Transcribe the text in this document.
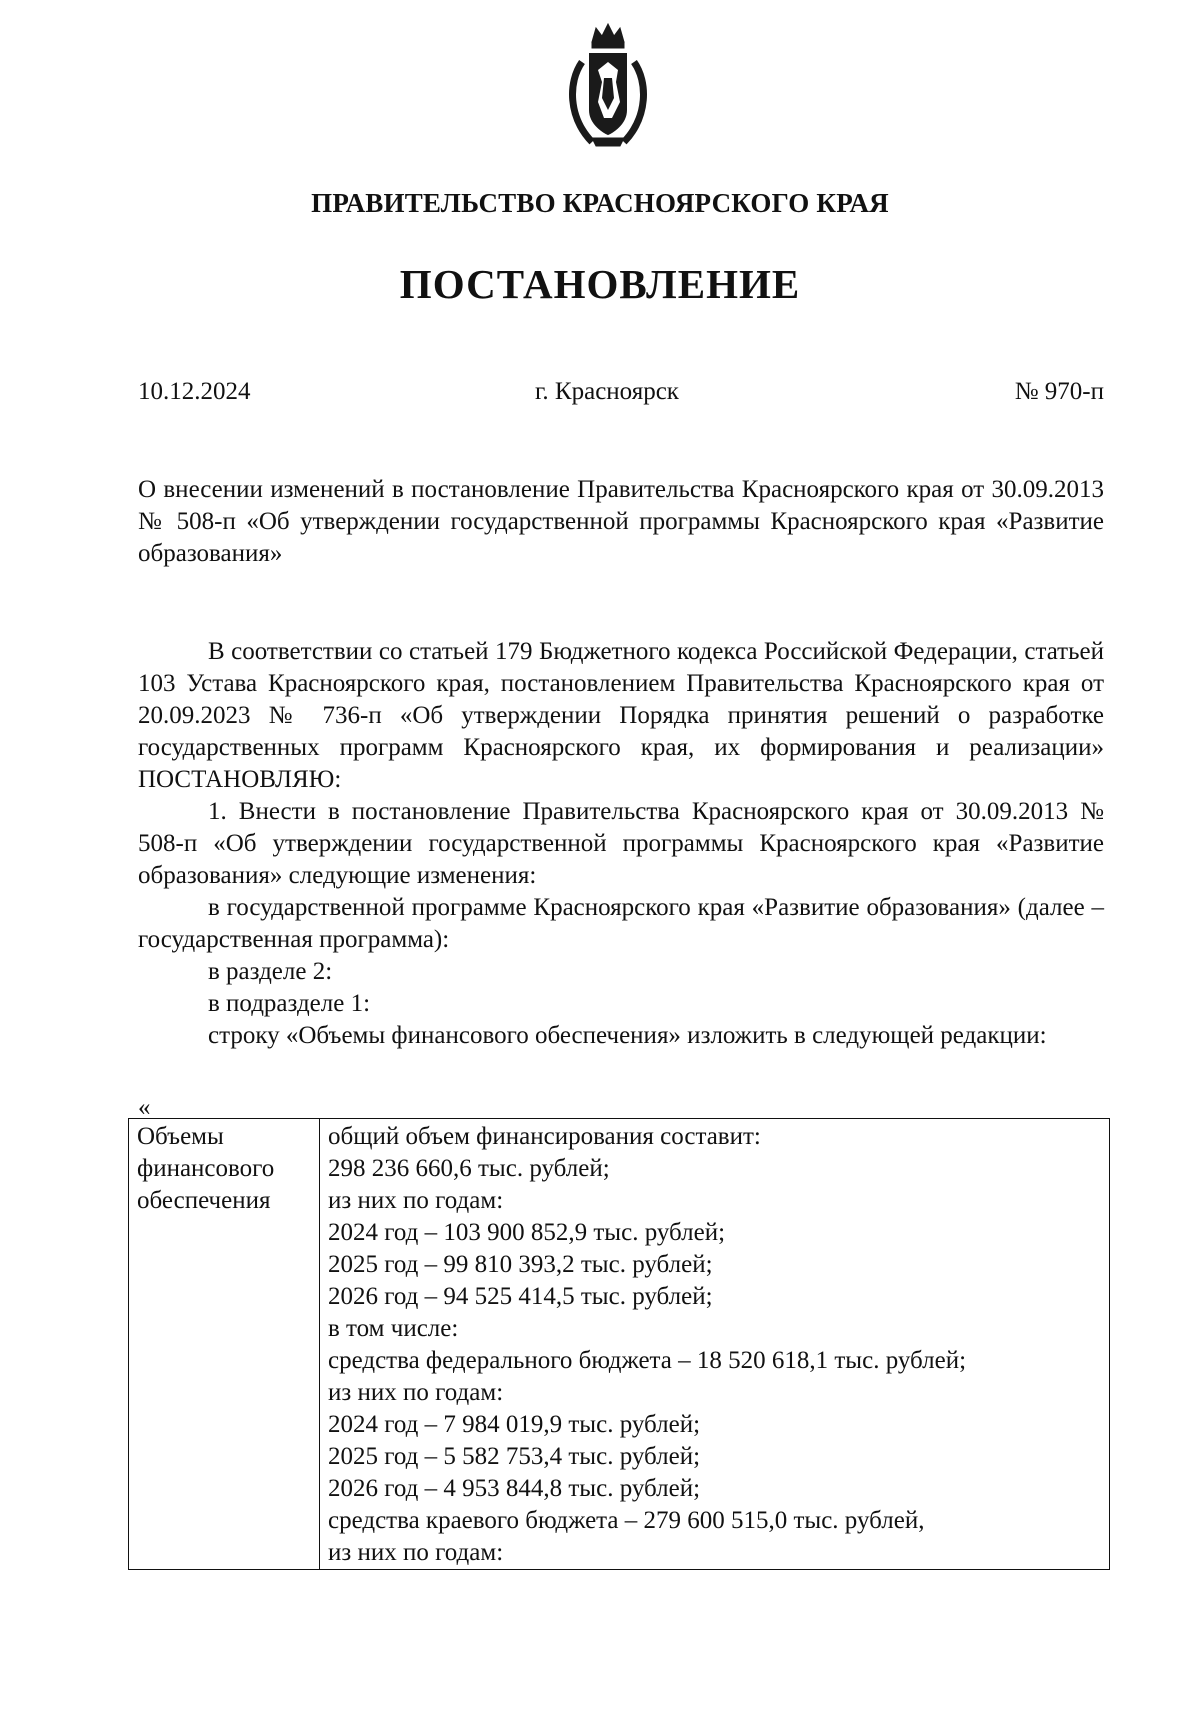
ПРАВИТЕЛЬСТВО КРАСНОЯРСКОГО КРАЯ
ПОСТАНОВЛЕНИЕ
10.12.2024	г. Красноярск	№ 970-п
О внесении изменений в постановление Правительства Красноярского края от 30.09.2013 № 508-п «Об утверждении государственной программы Красноярского края «Развитие образования»

В соответствии со статьей 179 Бюджетного кодекса Российской Федерации, статьей 103 Устава Красноярского края, постановлением Правительства Красноярского края от 20.09.2023 № 736-п «Об утверждении Порядка принятия решений о разработке государственных программ Красноярского края, их формирования и реализации» ПОСТАНОВЛЯЮ:

1. Внести в постановление Правительства Красноярского края от 30.09.2013 № 508-п «Об утверждении государственной программы Красноярского края «Развитие образования» следующие изменения:

в государственной программе Красноярского края «Развитие образования» (далее – государственная программа):

в разделе 2:

в подразделе 1:

строку «Объемы финансового обеспечения» изложить в следующей редакции:

«
Объемы
финансового
обеспечения

общий объем финансирования составит:
298 236 660,6 тыс. рублей;
из них по годам:
2024 год – 103 900 852,9 тыс. рублей;
2025 год – 99 810 393,2 тыс. рублей;
2026 год – 94 525 414,5 тыс. рублей;
в том числе:
средства федерального бюджета – 18 520 618,1 тыс. рублей;
из них по годам:
2024 год – 7 984 019,9 тыс. рублей;
2025 год – 5 582 753,4 тыс. рублей;
2026 год – 4 953 844,8 тыс. рублей;
средства краевого бюджета – 279 600 515,0 тыс. рублей,
из них по годам:
